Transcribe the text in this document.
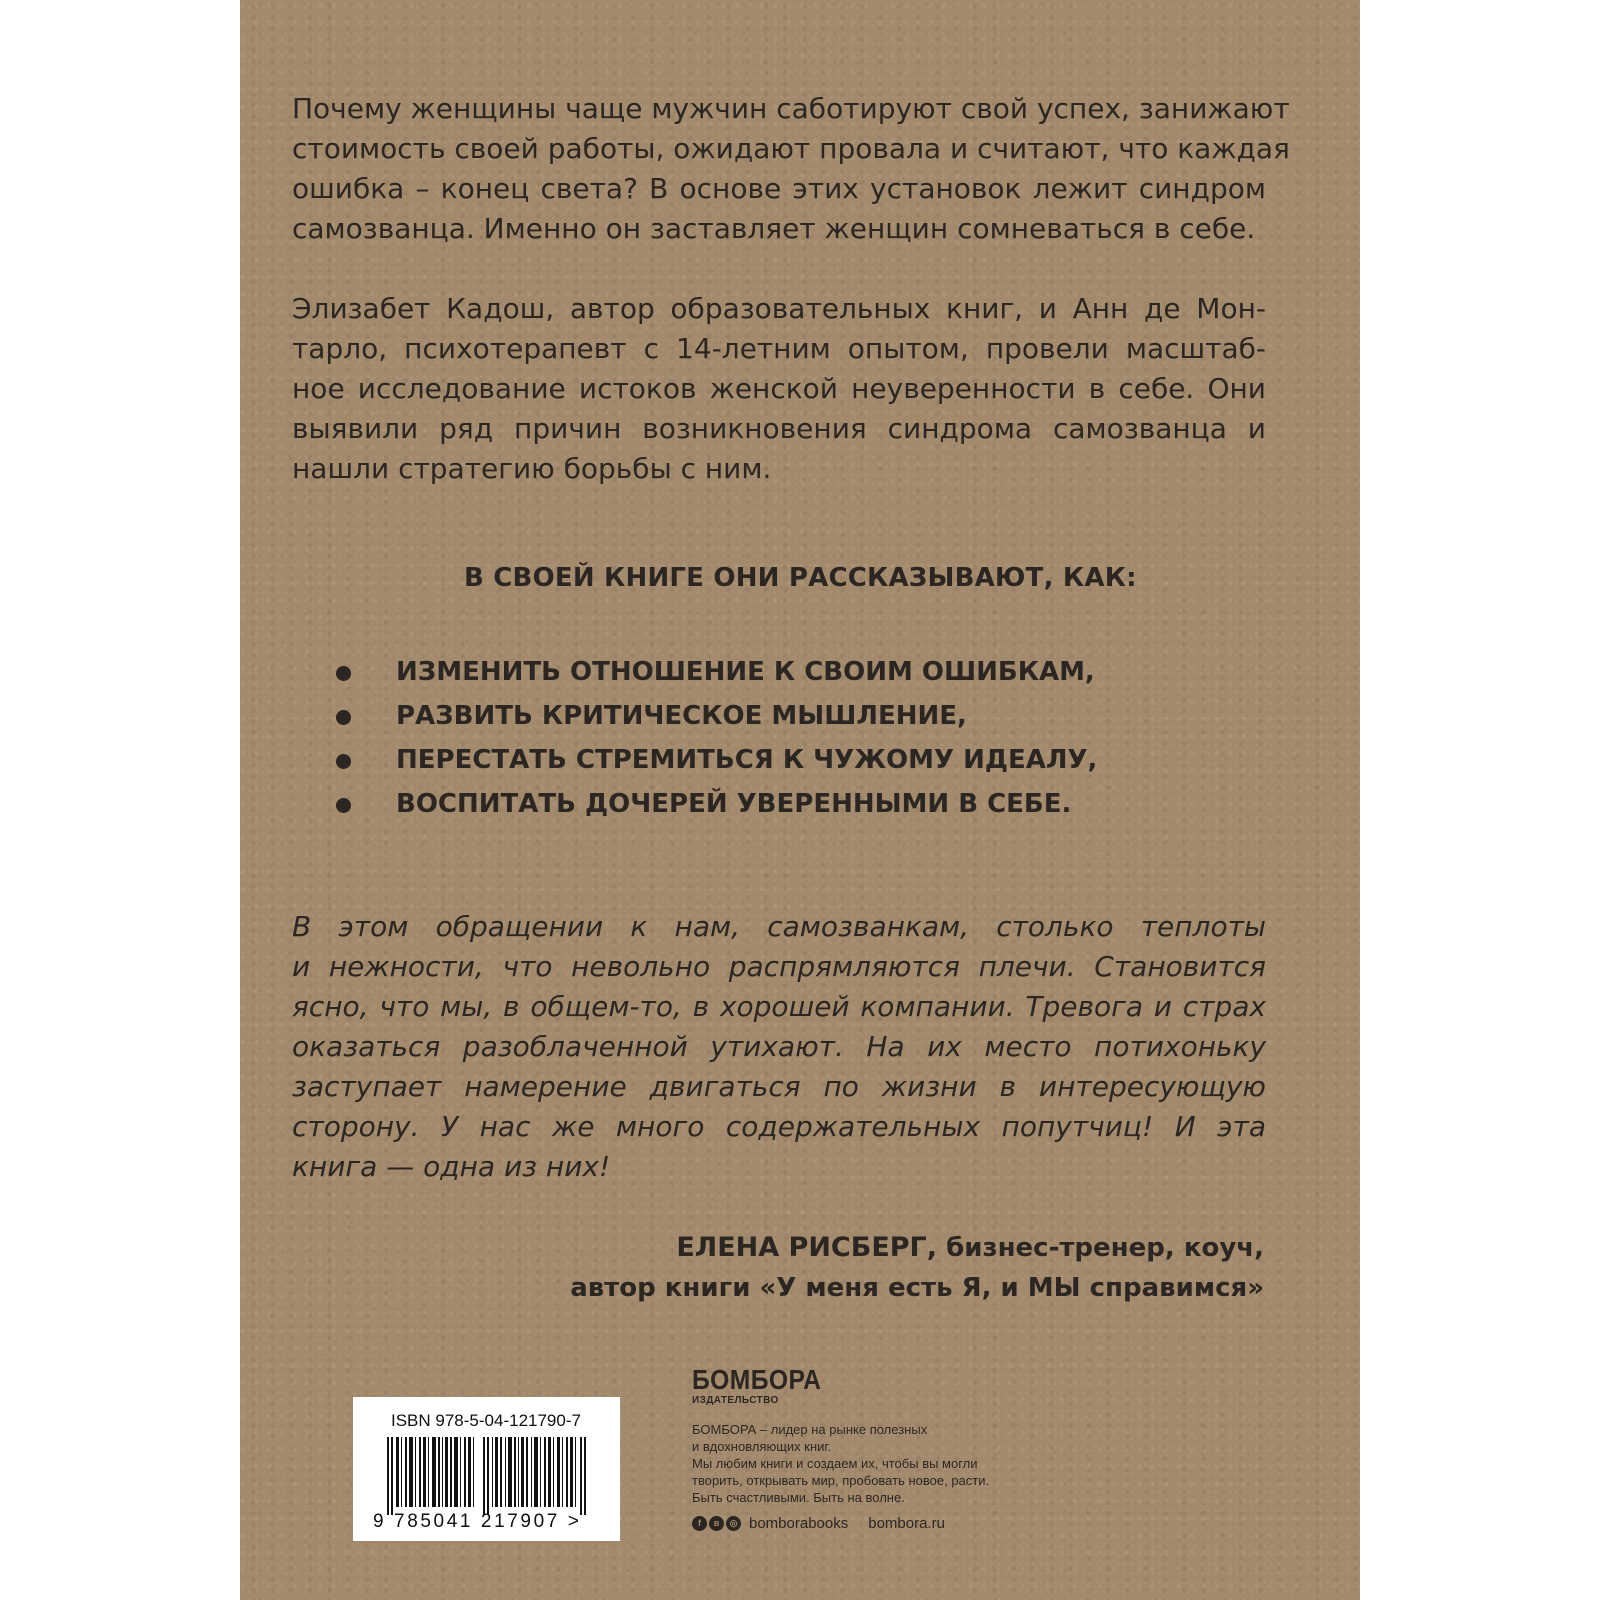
Почему женщины чаще мужчин саботируют свой успех, занижают
стоимость своей работы, ожидают провала и считают, что каждая
ошибка – конец света? В основе этих установок лежит синдром
самозванца. Именно он заставляет женщин сомневаться в себе.

Элизабет Кадош, автор образовательных книг, и Анн де Мон-
тарло, психотерапевт с 14-летним опытом, провели масштаб-
ное исследование истоков женской неуверенности в себе. Они
выявили ряд причин возникновения синдрома самозванца и
нашли стратегию борьбы с ним.

В СВОЕЙ КНИГЕ ОНИ РАССКАЗЫВАЮТ, КАК:
ИЗМЕНИТЬ ОТНОШЕНИЕ К СВОИМ ОШИБКАМ,
РАЗВИТЬ КРИТИЧЕСКОЕ МЫШЛЕНИЕ,
ПЕРЕСТАТЬ СТРЕМИТЬСЯ К ЧУЖОМУ ИДЕАЛУ,
ВОСПИТАТЬ ДОЧЕРЕЙ УВЕРЕННЫМИ В СЕБЕ.

В этом обращении к нам, самозванкам, столько теплоты
и нежности, что невольно распрямляются плечи. Становится
ясно, что мы, в общем-то, в хорошей компании. Тревога и страх
оказаться разоблаченной утихают. На их место потихоньку
заступает намерение двигаться по жизни в интересующую
сторону. У нас же много содержательных попутчиц! И эта
книга — одна из них!

ЕЛЕНА РИСБЕРГ, бизнес-тренер, коуч,
автор книги «У меня есть Я, и МЫ справимся»
ISBN 978-5-04-121790-7
9 785041 217907 >
БОМБОРА
ИЗДАТЕЛЬСТВО
БОМБОРА – лидер на рынке полезных
и вдохновляющих книг.
Мы любим книги и создаем их, чтобы вы могли
творить, открывать мир, пробовать новое, расти.
Быть счастливыми. Быть на волне.
f	в	◎ bomborabooks bombora.ru
